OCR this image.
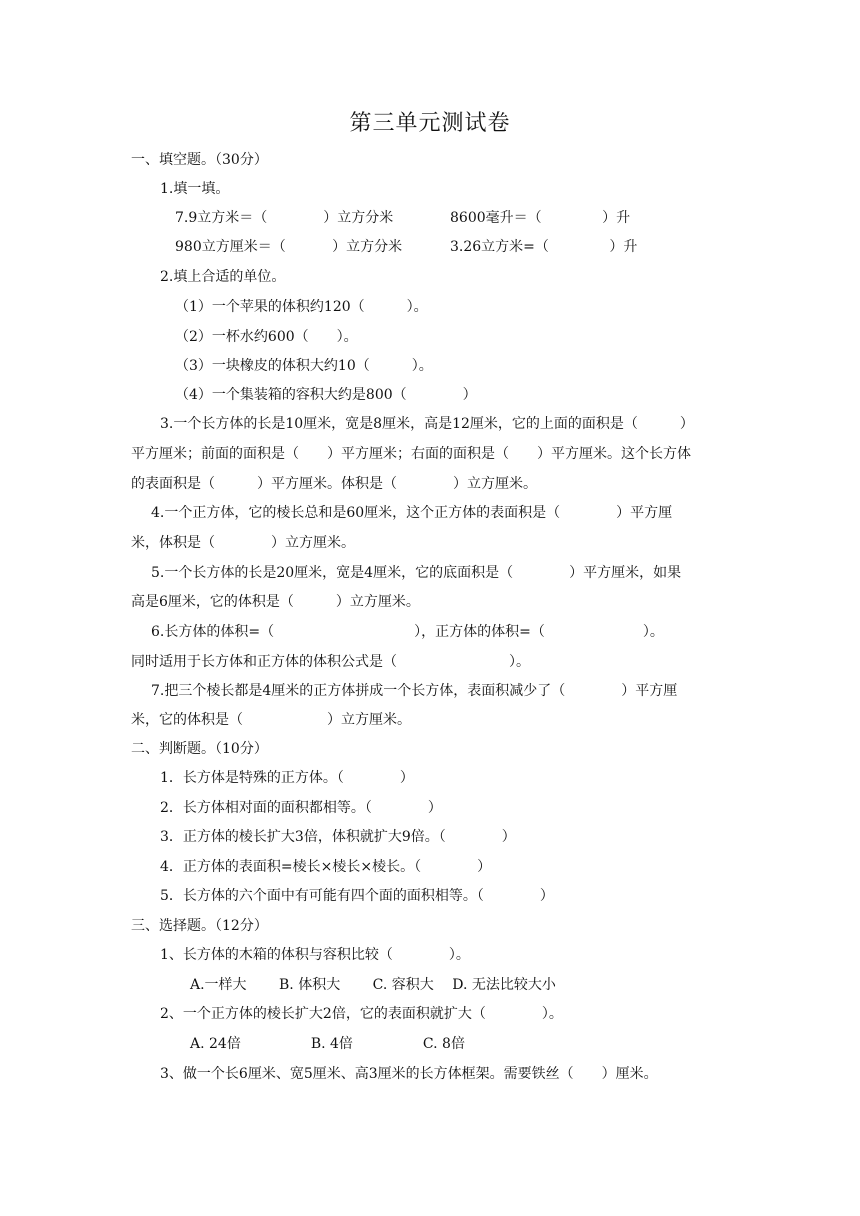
第三单元测试卷
一、填空题。（30分）
1.填一填。
7.9立方米＝（　　　　）立方分米	8600毫升＝（　　　　 ）升
980立方厘米＝（　　　 ）立方分米	3.26立方米=（　　　　 ）升
2.填上合适的单位。
（1）一个苹果的体积约120（　　　）。
（2）一杯水约600（　　）。
（3）一块橡皮的体积大约10（　　　）。
（4）一个集装箱的容积大约是800（　　　　）
3.一个长方体的长是10厘米，宽是8厘米，高是12厘米，它的上面的面积是（　　　）
平方厘米；前面的面积是（　　）平方厘米；右面的面积是（　　）平方厘米。这个长方体
的表面积是（　　　）平方厘米。体积是（　　　　）立方厘米。
4.一个正方体，它的棱长总和是60厘米，这个正方体的表面积是（　　　　）平方厘
米，体积是（　　　　）立方厘米。
5.一个长方体的长是20厘米，宽是4厘米，它的底面积是（　　　　）平方厘米，如果
高是6厘米，它的体积是（　　　）立方厘米。
6.长方体的体积=（　　　　　　　　　　），正方体的体积=（　　　　　　　）。
同时适用于长方体和正方体的体积公式是（　　　　　　　　）。
7.把三个棱长都是4厘米的正方体拼成一个长方体，表面积减少了（　　　　）平方厘
米，它的体积是（　　　　　　）立方厘米。
二、判断题。（10分）
1．长方体是特殊的正方体。（　　　　）
2．长方体相对面的面积都相等。（　　　　）
3．正方体的棱长扩大3倍，体积就扩大9倍。（　　　　）
4．正方体的表面积=棱长×棱长×棱长。（　　　　）
5．长方体的六个面中有可能有四个面的面积相等。（　　　　）
三、选择题。（12分）
1、长方体的木箱的体积与容积比较（　　　　）。
A.一样大　　 B. 体积大　　 C. 容积大　 D. 无法比较大小
2、一个正方体的棱长扩大2倍，它的表面积就扩大（　　　　）。
A. 24倍　　　　　B. 4倍　　　　　C. 8倍
3、做一个长6厘米、宽5厘米、高3厘米的长方体框架。需要铁丝（　　）厘米。
